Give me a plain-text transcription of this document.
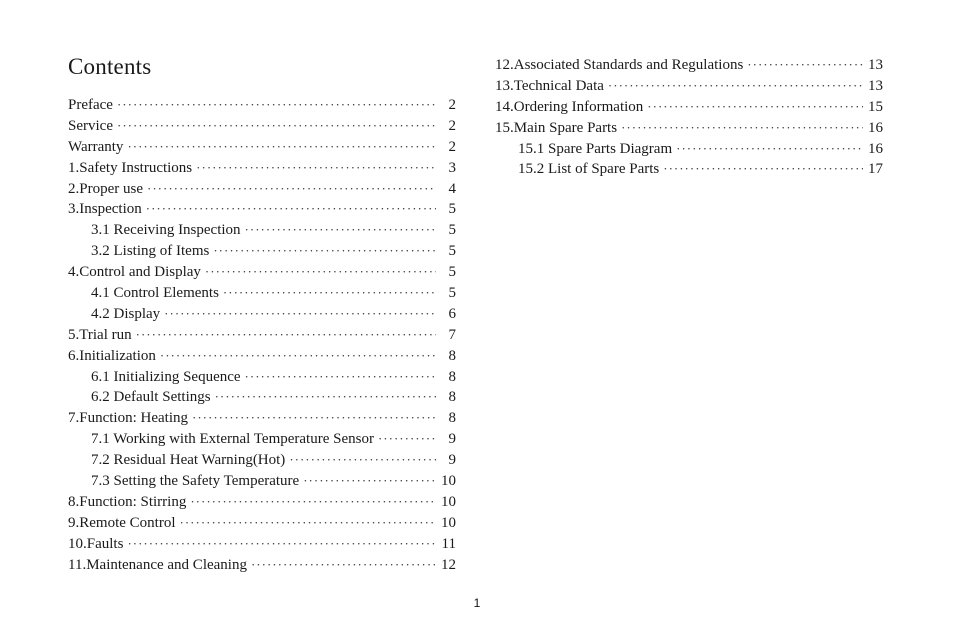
Contents
Preface ·····	2
Service ·····	2
Warranty ·····	2
1.Safety Instructions ·····	3
2.Proper use ·····	4
3.Inspection ·····	5
3.1 Receiving Inspection ·····	5
3.2 Listing of Items ·····	5
4.Control and Display ·····	5
4.1 Control Elements ·····	5
4.2 Display ·····	6
5.Trial run ·····	7
6.Initialization ·····	8
6.1 Initializing Sequence ·····	8
6.2 Default Settings ·····	8
7.Function: Heating ·····	8
7.1 Working with External Temperature Sensor ·····	9
7.2 Residual Heat Warning(Hot) ·····	9
7.3 Setting the Safety Temperature ·····	10
8.Function: Stirring ·····	10
9.Remote Control ·····	10
10.Faults ·····	11
11.Maintenance and Cleaning ·····	12
12.Associated Standards and Regulations ·····	13
13.Technical Data ·····	13
14.Ordering Information ·····	15
15.Main Spare Parts ·····	16
15.1 Spare Parts Diagram ·····	16
15.2 List of Spare Parts ·····	17
1
